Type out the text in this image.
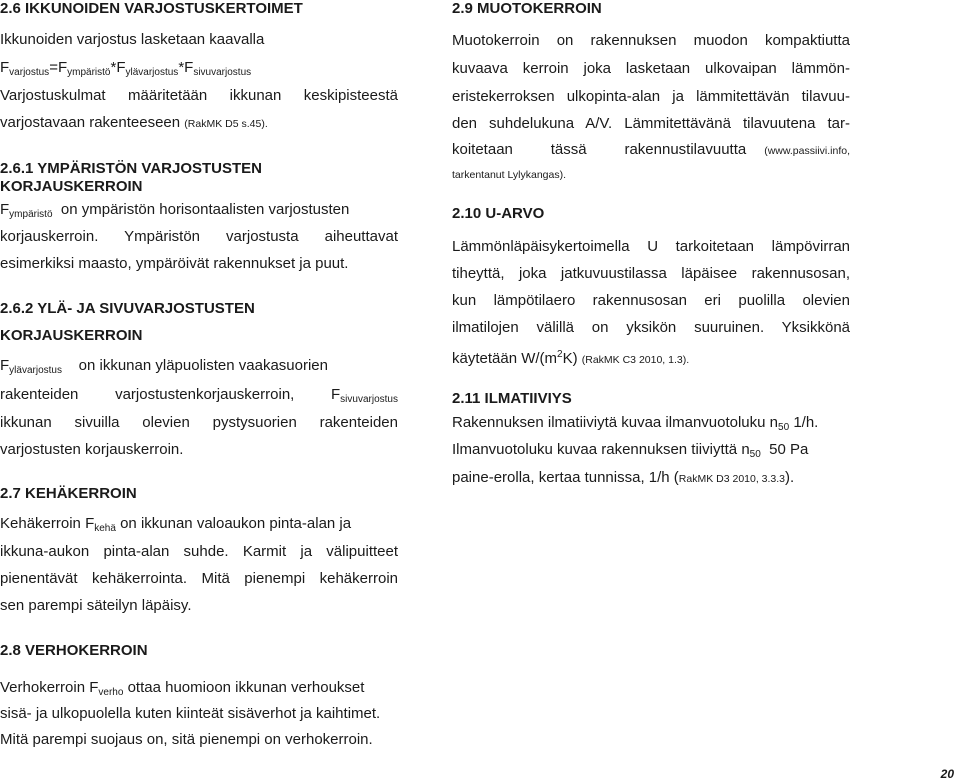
2.6 IKKUNOIDEN VARJOSTUSKERTOIMET
Ikkunoiden varjostus lasketaan kaavalla
$F_{varjostus}=F_{ympäristö}*F_{ylävarjostus}*F_{sivuvarjostus}$
Varjostuskulmat määritetään ikkunan keskipisteestä
varjostavaan rakenteeseen (RakMK D5 s.45).
2.6.1 YMPÄRISTÖN VARJOSTUSTEN
KORJAUSKERROIN
$F_{ympäristö}$ on ympäristön horisontaalisten varjostusten
korjauskerroin. Ympäristön varjostusta aiheuttavat
esimerkiksi maasto, ympäröivät rakennukset ja puut.
2.6.2 YLÄ- JA SIVUVARJOSTUSTEN
KORJAUSKERROIN
$F_{ylävarjostus}$ on ikkunan yläpuolisten vaakasuorien
rakenteiden varjostustenkorjauskerroin, $F_{sivuvarjostus}$
ikkunan sivuilla olevien pystysuorien rakenteiden
varjostusten korjauskerroin.
2.7 KEHÄKERROIN
Kehäkerroin $F_{kehä}$ on ikkunan valoaukon pinta-alan ja
ikkuna-aukon pinta-alan suhde. Karmit ja välipuitteet
pienentävät kehäkerrointa. Mitä pienempi kehäkerroin
sen parempi säteilyn läpäisy.
2.8 VERHOKERROIN
Verhokerroin $F_{verho}$ ottaa huomioon ikkunan verhoukset
sisä- ja ulkopuolella kuten kiinteät sisäverhot ja kaihtimet.
Mitä parempi suojaus on, sitä pienempi on verhokerroin.
2.9 MUOTOKERROIN
Muotokerroin on rakennuksen muodon kompaktiutta
kuvaava kerroin joka lasketaan ulkovaipan lämmön-
eristekerroksen ulkopinta-alan ja lämmitettävän tilavuu-
den suhdelukuna A/V. Lämmitettävänä tilavuutena tar-
koitetaan tässä rakennustilavuutta	(www.passiivi.info,
tarkentanut Lylykangas).
2.10 U-ARVO
Lämmönläpäisykertoimella U tarkoitetaan lämpövirran
tiheyttä, joka jatkuvuustilassa läpäisee rakennusosan,
kun lämpötilaero rakennusosan eri puolilla olevien
ilmatilojen välillä on yksikön suuruinen. Yksikkönä
käytetään $W/(m^2K)$ (RakMK C3 2010, 1.3).
2.11 ILMATIIVIYS
Rakennuksen ilmatiiviytä kuvaa ilmanvuotoluku $n_{50}$ 1/h.
Ilmanvuotoluku kuvaa rakennuksen tiiviyttä $n_{50}$ 50 Pa
paine-erolla, kertaa tunnissa, 1/h (RakMK D3 2010, 3.3.3).
20
